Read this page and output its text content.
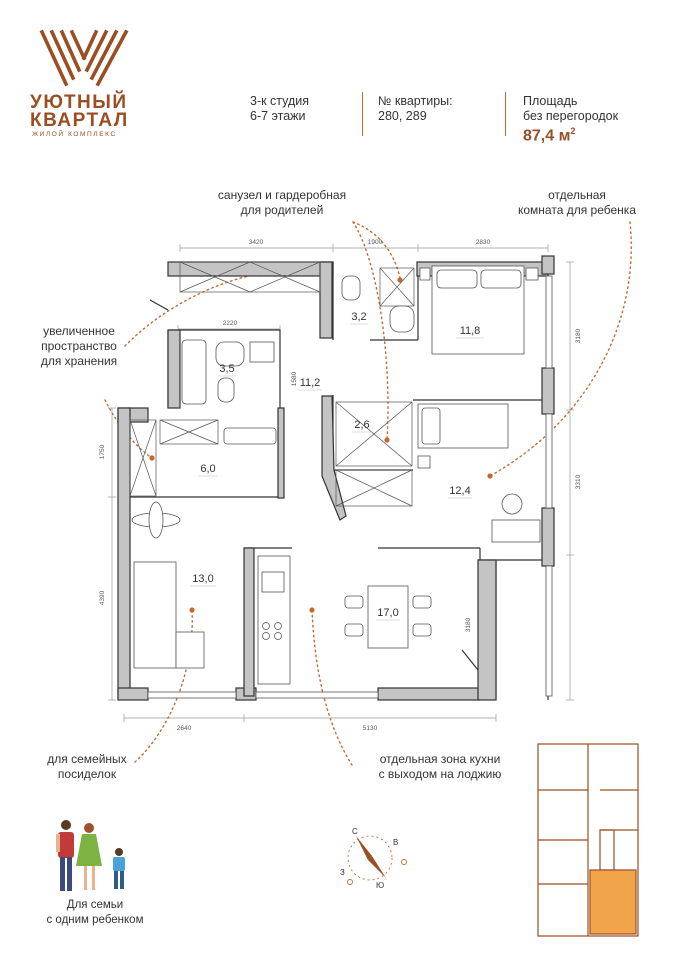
УЮТНЫЙ
КВАРТАЛ
ЖИЛОЙ КОМПЛЕКС
3-к студия
6-7 этажи
№ квартиры:
280, 289
Площадь
без перегородок
87,4 $м^2$
санузел и гардеробная
для родителей
отдельная
комната для ребенка
увеличенное
пространство
для хранения
для семейных
посиделок
отдельная зона кухни
с выходом на лоджию
3420	1900	2830
2220
1750
4390
3180
3310
3180
1580
2640	5130
3,2
11,8
3,5
11,2
2,6
6,0
12,4
13,0
17,0
С
В
З
Ю
Для семьи
с одним ребенком
